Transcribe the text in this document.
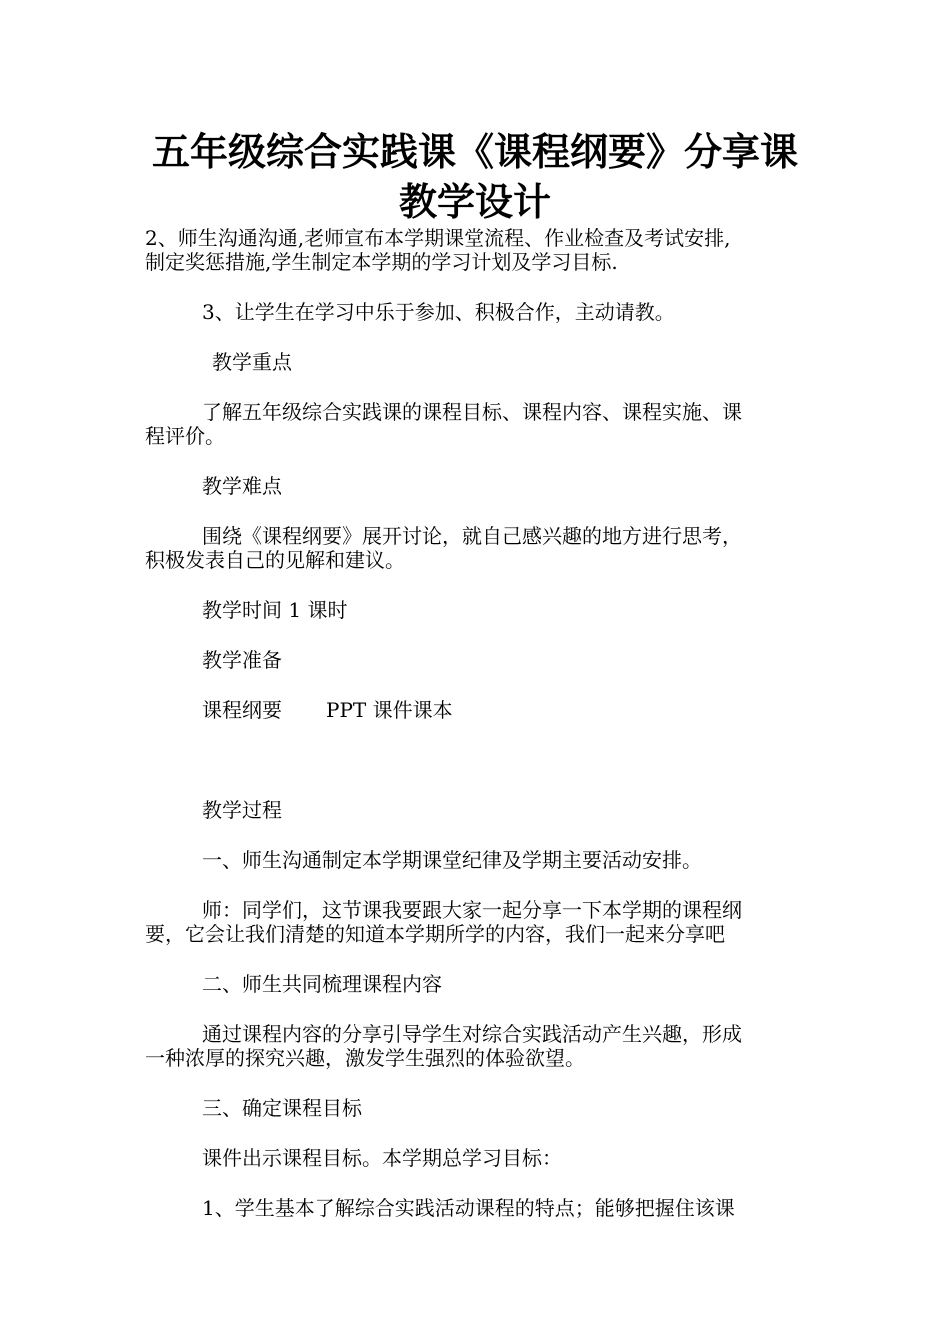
五年级综合实践课《课程纲要》分享课
教学设计
2、师生沟通沟通,老师宣布本学期课堂流程、作业检查及考试安排,
制定奖惩措施,学生制定本学期的学习计划及学习目标.
3、让学生在学习中乐于参加、积极合作，主动请教。
教学重点
了解五年级综合实践课的课程目标、课程内容、课程实施、课
程评价。
教学难点
围绕《课程纲要》展开讨论，就自己感兴趣的地方进行思考，
积极发表自己的见解和建议。
教学时间 1 课时
教学准备
课程纲要 PPT 课件课本
教学过程
一、师生沟通制定本学期课堂纪律及学期主要活动安排。
师：同学们，这节课我要跟大家一起分享一下本学期的课程纲
要，它会让我们清楚的知道本学期所学的内容，我们一起来分享吧
二、师生共同梳理课程内容
通过课程内容的分享引导学生对综合实践活动产生兴趣，形成
一种浓厚的探究兴趣，激发学生强烈的体验欲望。
三、确定课程目标
课件出示课程目标。本学期总学习目标：
1、学生基本了解综合实践活动课程的特点；能够把握住该课
